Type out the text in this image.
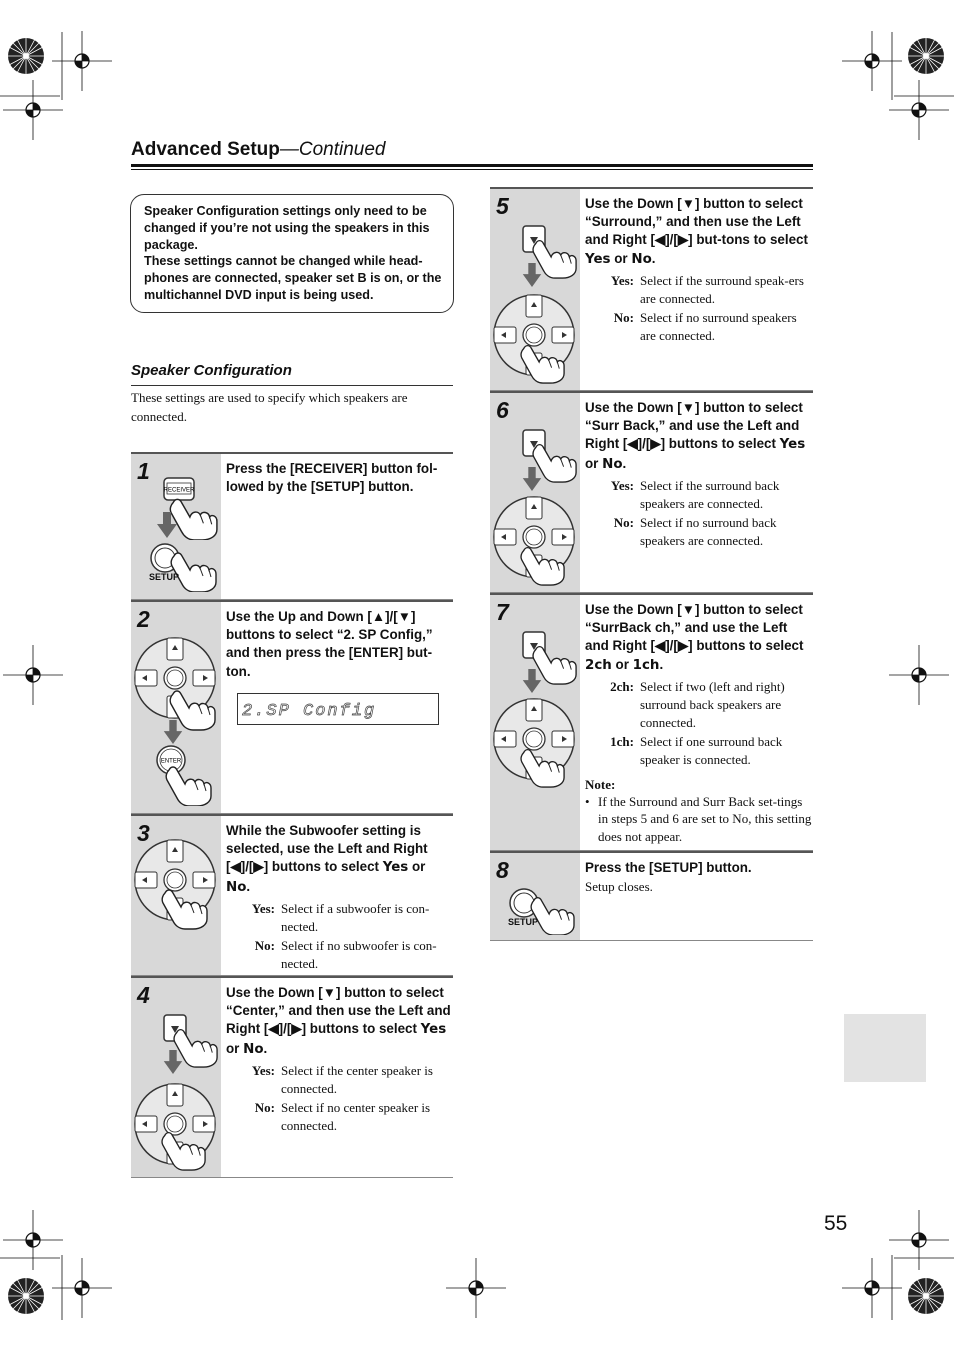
Advanced Setup—Continued
Speaker Configuration settings only need to be changed if you’re not using the speakers in this package.
These settings cannot be changed while head-phones are connected, speaker set B is on, or the multichannel DVD input is being used.
Speaker Configuration
These settings are used to specify which speakers are connected.
1
RECEIVER
SETUP
Press the [RECEIVER] button fol-lowed by the [SETUP] button.
2
ENTER
Use the Up and Down [▲]/[▼] buttons to select “2. SP Config,” and then press the [ENTER] but-ton.
2.SP Config
3	While the Subwoofer setting is selected, use the Left and Right [◀]/[▶] buttons to select Yes or No.
Yes: Select if a subwoofer is con-nected.
No: Select if no subwoofer is con-nected.
4	Use the Down [▼] button to select “Center,” and then use the Left and Right [◀]/[▶] buttons to select Yes or No.
Yes: Select if the center speaker is connected.
No: Select if no center speaker is connected.
5	Use the Down [▼] button to select “Surround,” and then use the Left and Right [◀]/[▶] but-tons to select Yes or No.
Yes: Select if the surround speak-ers are connected.
No: Select if no surround speakers are connected.
6	Use the Down [▼] button to select “Surr Back,” and use the Left and Right [◀]/[▶] buttons to select Yes or No.
Yes: Select if the surround back speakers are connected.
No: Select if no surround back speakers are connected.
7	Use the Down [▼] button to select “SurrBack ch,” and use the Left and Right [◀]/[▶] buttons to select 2ch or 1ch.
2ch: Select if two (left and right) surround back speakers are connected.
1ch: Select if one surround back speaker is connected.
Note:
• If the Surround and Surr Back set-tings in steps 5 and 6 are set to No, this setting does not appear.
8
SETUP
Press the [SETUP] button.
Setup closes.
55
